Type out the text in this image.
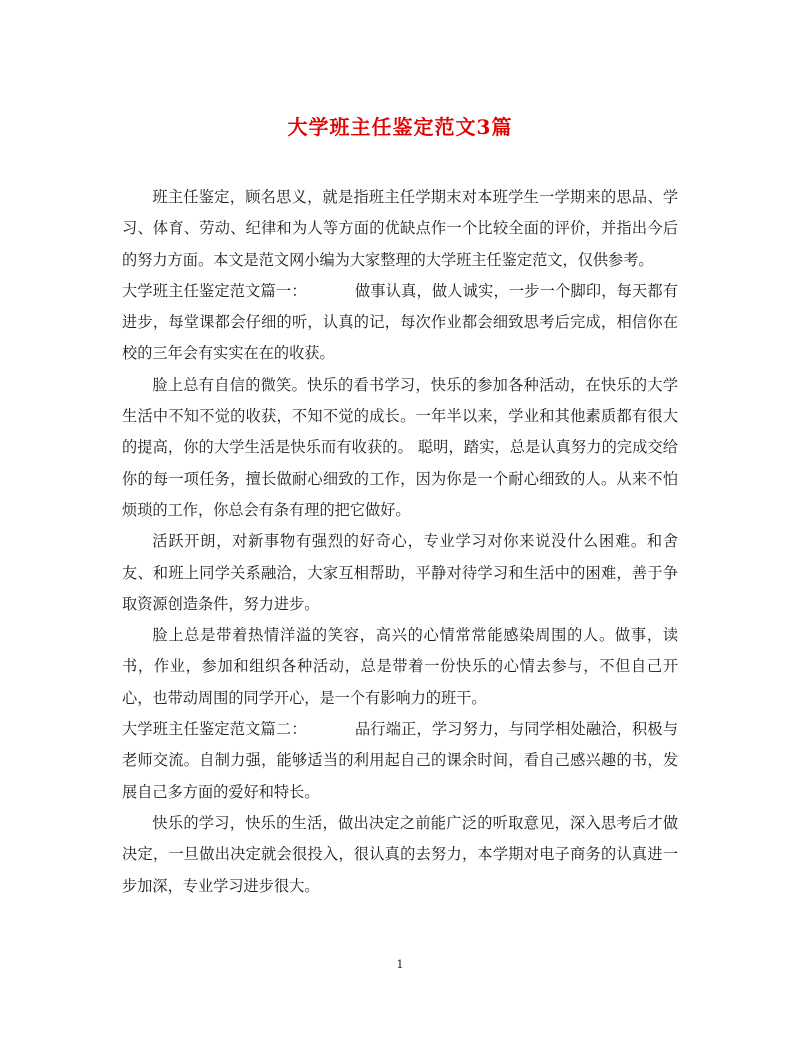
大学班主任鉴定范文3篇

班主任鉴定，顾名思义，就是指班主任学期末对本班学生一学期来的思品、学习、体育、劳动、纪律和为人等方面的优缺点作一个比较全面的评价，并指出今后的努力方面。本文是范文网小编为大家整理的大学班主任鉴定范文，仅供参考。

大学班主任鉴定范文篇一：	做事认真，做人诚实，一步一个脚印，每天都有进步，每堂课都会仔细的听，认真的记，每次作业都会细致思考后完成，相信你在校的三年会有实实在在的收获。

脸上总有自信的微笑。快乐的看书学习，快乐的参加各种活动，在快乐的大学生活中不知不觉的收获，不知不觉的成长。一年半以来，学业和其他素质都有很大的提高，你的大学生活是快乐而有收获的。 聪明，踏实，总是认真努力的完成交给你的每一项任务，擅长做耐心细致的工作，因为你是一个耐心细致的人。从来不怕烦琐的工作，你总会有条有理的把它做好。

活跃开朗，对新事物有强烈的好奇心，专业学习对你来说没什么困难。和舍友、和班上同学关系融洽，大家互相帮助，平静对待学习和生活中的困难，善于争取资源创造条件，努力进步。

脸上总是带着热情洋溢的笑容，高兴的心情常常能感染周围的人。做事，读书，作业，参加和组织各种活动，总是带着一份快乐的心情去参与，不但自己开心，也带动周围的同学开心，是一个有影响力的班干。

大学班主任鉴定范文篇二：	品行端正，学习努力，与同学相处融洽，积极与老师交流。自制力强，能够适当的利用起自己的课余时间，看自己感兴趣的书，发展自己多方面的爱好和特长。

快乐的学习，快乐的生活，做出决定之前能广泛的听取意见，深入思考后才做决定，一旦做出决定就会很投入，很认真的去努力，本学期对电子商务的认真进一步加深，专业学习进步很大。

1
